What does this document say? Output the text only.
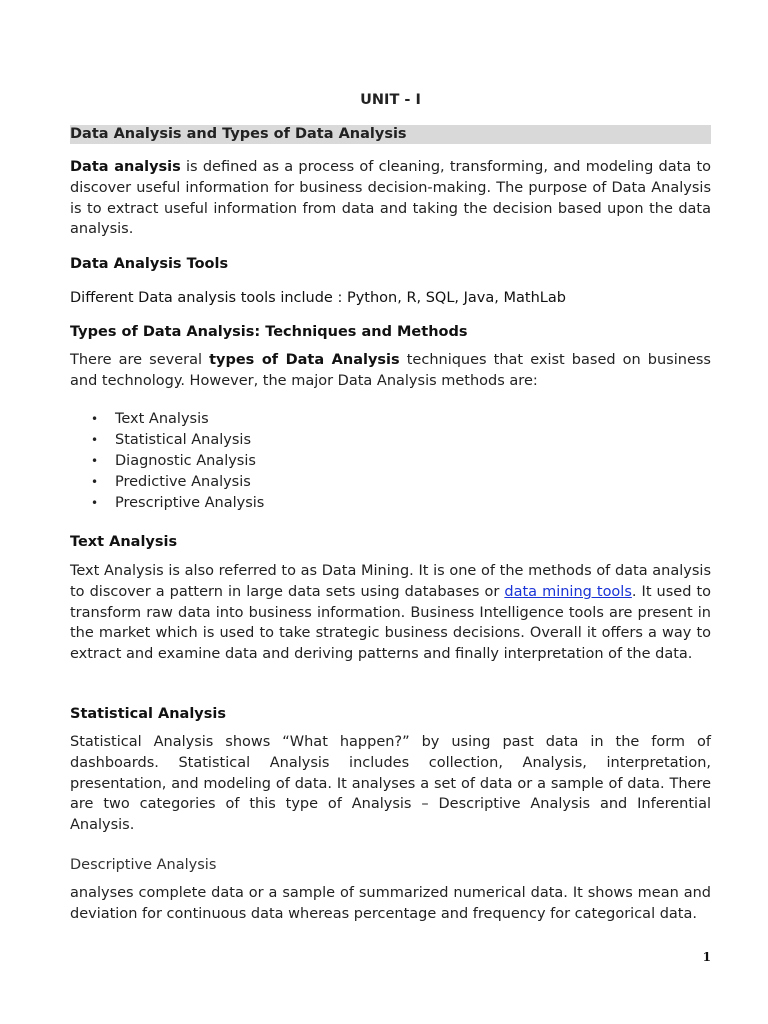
UNIT - I
Data Analysis and Types of Data Analysis

Data analysis is defined as a process of cleaning, transforming, and modeling data to discover useful information for business decision-making. The purpose of Data Analysis is to extract useful information from data and taking the decision based upon the data analysis.

Data Analysis Tools
Different Data analysis tools include : Python, R, SQL, Java, MathLab
Types of Data Analysis: Techniques and Methods

There are several types of Data Analysis techniques that exist based on business and technology. However, the major Data Analysis methods are:

• Text Analysis
• Statistical Analysis
• Diagnostic Analysis
• Predictive Analysis
• Prescriptive Analysis
Text Analysis

Text Analysis is also referred to as Data Mining. It is one of the methods of data analysis to discover a pattern in large data sets using databases or data mining tools. It used to transform raw data into business information. Business Intelligence tools are present in the market which is used to take strategic business decisions. Overall it offers a way to extract and examine data and deriving patterns and finally interpretation of the data.

Statistical Analysis

Statistical Analysis shows “What happen?” by using past data in the form of dashboards. Statistical Analysis includes collection, Analysis, interpretation, presentation, and modeling of data. It analyses a set of data or a sample of data. There are two categories of this type of Analysis – Descriptive Analysis and Inferential Analysis.

Descriptive Analysis

analyses complete data or a sample of summarized numerical data. It shows mean and deviation for continuous data whereas percentage and frequency for categorical data.

1
